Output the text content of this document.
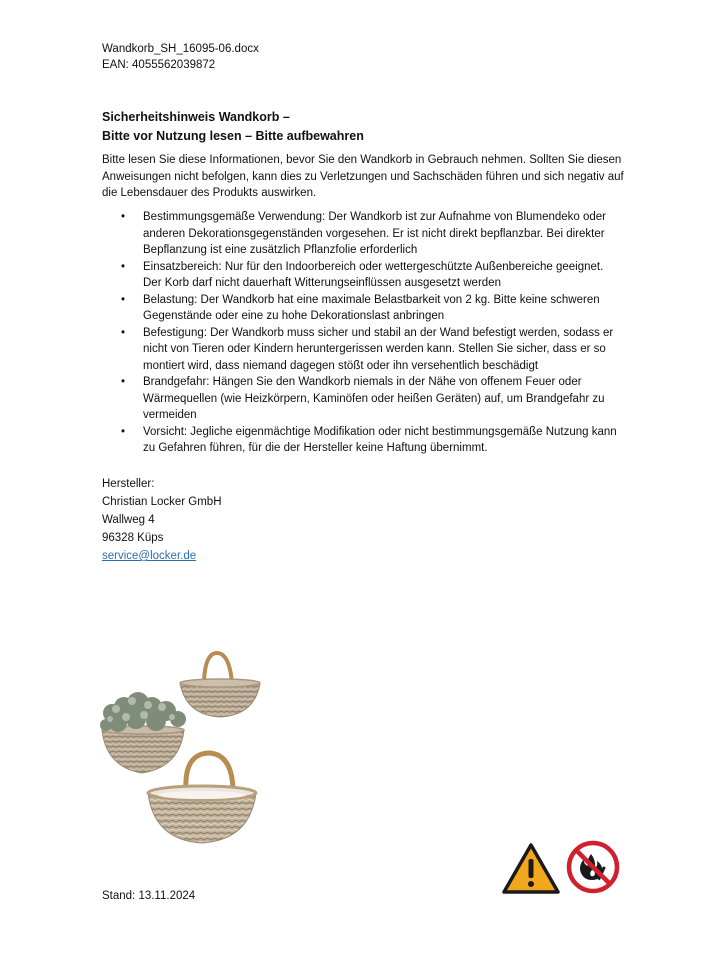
Wandkorb_SH_16095-06.docx
EAN: 4055562039872
Sicherheitshinweis Wandkorb –
Bitte vor Nutzung lesen – Bitte aufbewahren
Bitte lesen Sie diese Informationen, bevor Sie den Wandkorb in Gebrauch nehmen. Sollten Sie diesen Anweisungen nicht befolgen, kann dies zu Verletzungen und Sachschäden führen und sich negativ auf die Lebensdauer des Produkts auswirken.
• Bestimmungsgemäße Verwendung: Der Wandkorb ist zur Aufnahme von Blumendeko oder anderen Dekorationsgegenständen vorgesehen. Er ist nicht direkt bepflanzbar. Bei direkter Bepflanzung ist eine zusätzlich Pflanzfolie erforderlich
• Einsatzbereich: Nur für den Indoorbereich oder wettergeschützte Außenbereiche geeignet. Der Korb darf nicht dauerhaft Witterungseinflüssen ausgesetzt werden
• Belastung: Der Wandkorb hat eine maximale Belastbarkeit von 2 kg. Bitte keine schweren Gegenstände oder eine zu hohe Dekorationslast anbringen
• Befestigung: Der Wandkorb muss sicher und stabil an der Wand befestigt werden, sodass er nicht von Tieren oder Kindern heruntergerissen werden kann. Stellen Sie sicher, dass er so montiert wird, dass niemand dagegen stößt oder ihn versehentlich beschädigt
• Brandgefahr: Hängen Sie den Wandkorb niemals in der Nähe von offenem Feuer oder Wärmequellen (wie Heizkörpern, Kaminöfen oder heißen Geräten) auf, um Brandgefahr zu vermeiden
• Vorsicht: Jegliche eigenmächtige Modifikation oder nicht bestimmungsgemäße Nutzung kann zu Gefahren führen, für die der Hersteller keine Haftung übernimmt.
Hersteller:
Christian Locker GmbH
Wallweg 4
96328 Küps
service@locker.de
Stand: 13.11.2024
